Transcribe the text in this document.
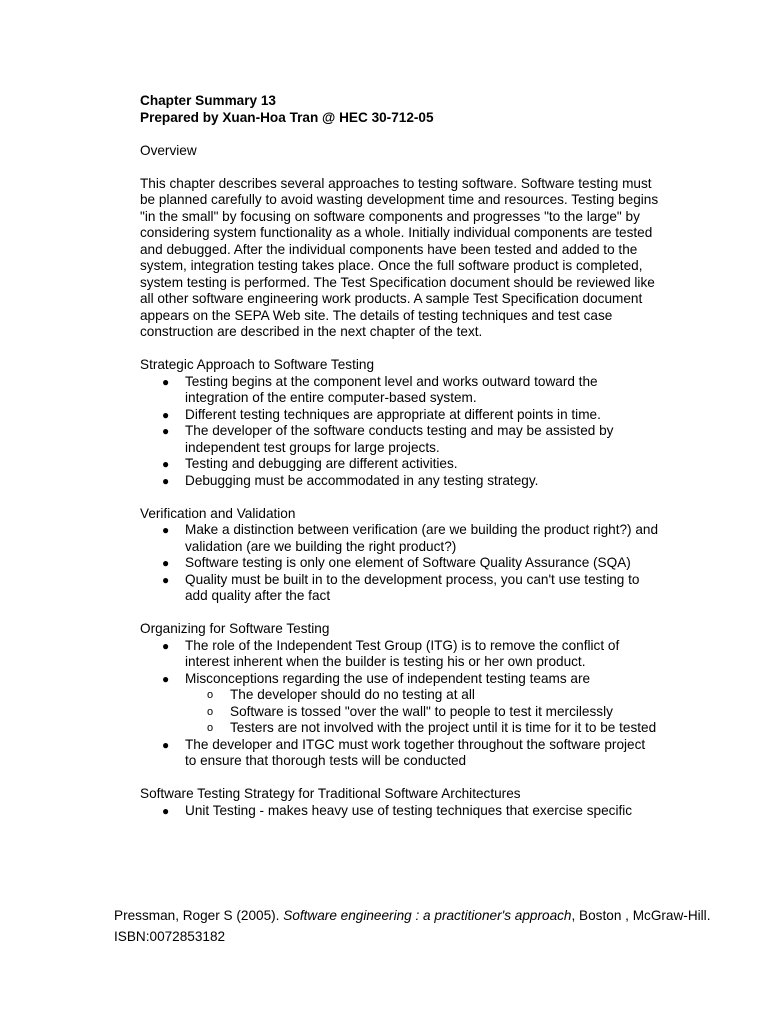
Chapter Summary 13

Prepared by Xuan-Hoa Tran @ HEC 30-712-05

Overview

This chapter describes several approaches to testing software. Software testing must be planned carefully to avoid wasting development time and resources. Testing begins "in the small" by focusing on software components and progresses "to the large" by considering system functionality as a whole. Initially individual components are tested and debugged. After the individual components have been tested and added to the system, integration testing takes place. Once the full software product is completed, system testing is performed. The Test Specification document should be reviewed like all other software engineering work products. A sample Test Specification document appears on the SEPA Web site. The details of testing techniques and test case construction are described in the next chapter of the text.

Strategic Approach to Software Testing

● Testing begins at the component level and works outward toward the integration of the entire computer-based system.
● Different testing techniques are appropriate at different points in time.
● The developer of the software conducts testing and may be assisted by independent test groups for large projects.
● Testing and debugging are different activities.
● Debugging must be accommodated in any testing strategy.

Verification and Validation

● Make a distinction between verification (are we building the product right?) and validation (are we building the right product?)
● Software testing is only one element of Software Quality Assurance (SQA)
● Quality must be built in to the development process, you can't use testing to add quality after the fact

Organizing for Software Testing

● The role of the Independent Test Group (ITG) is to remove the conflict of interest inherent when the builder is testing his or her own product.
● Misconceptions regarding the use of independent testing teams are
o The developer should do no testing at all
o Software is tossed "over the wall" to people to test it mercilessly
o Testers are not involved with the project until it is time for it to be tested
● The developer and ITGC must work together throughout the software project to ensure that thorough tests will be conducted

Software Testing Strategy for Traditional Software Architectures

● Unit Testing - makes heavy use of testing techniques that exercise specific
Pressman, Roger S (2005). Software engineering : a practitioner's approach, Boston , McGraw-Hill.
ISBN:0072853182
